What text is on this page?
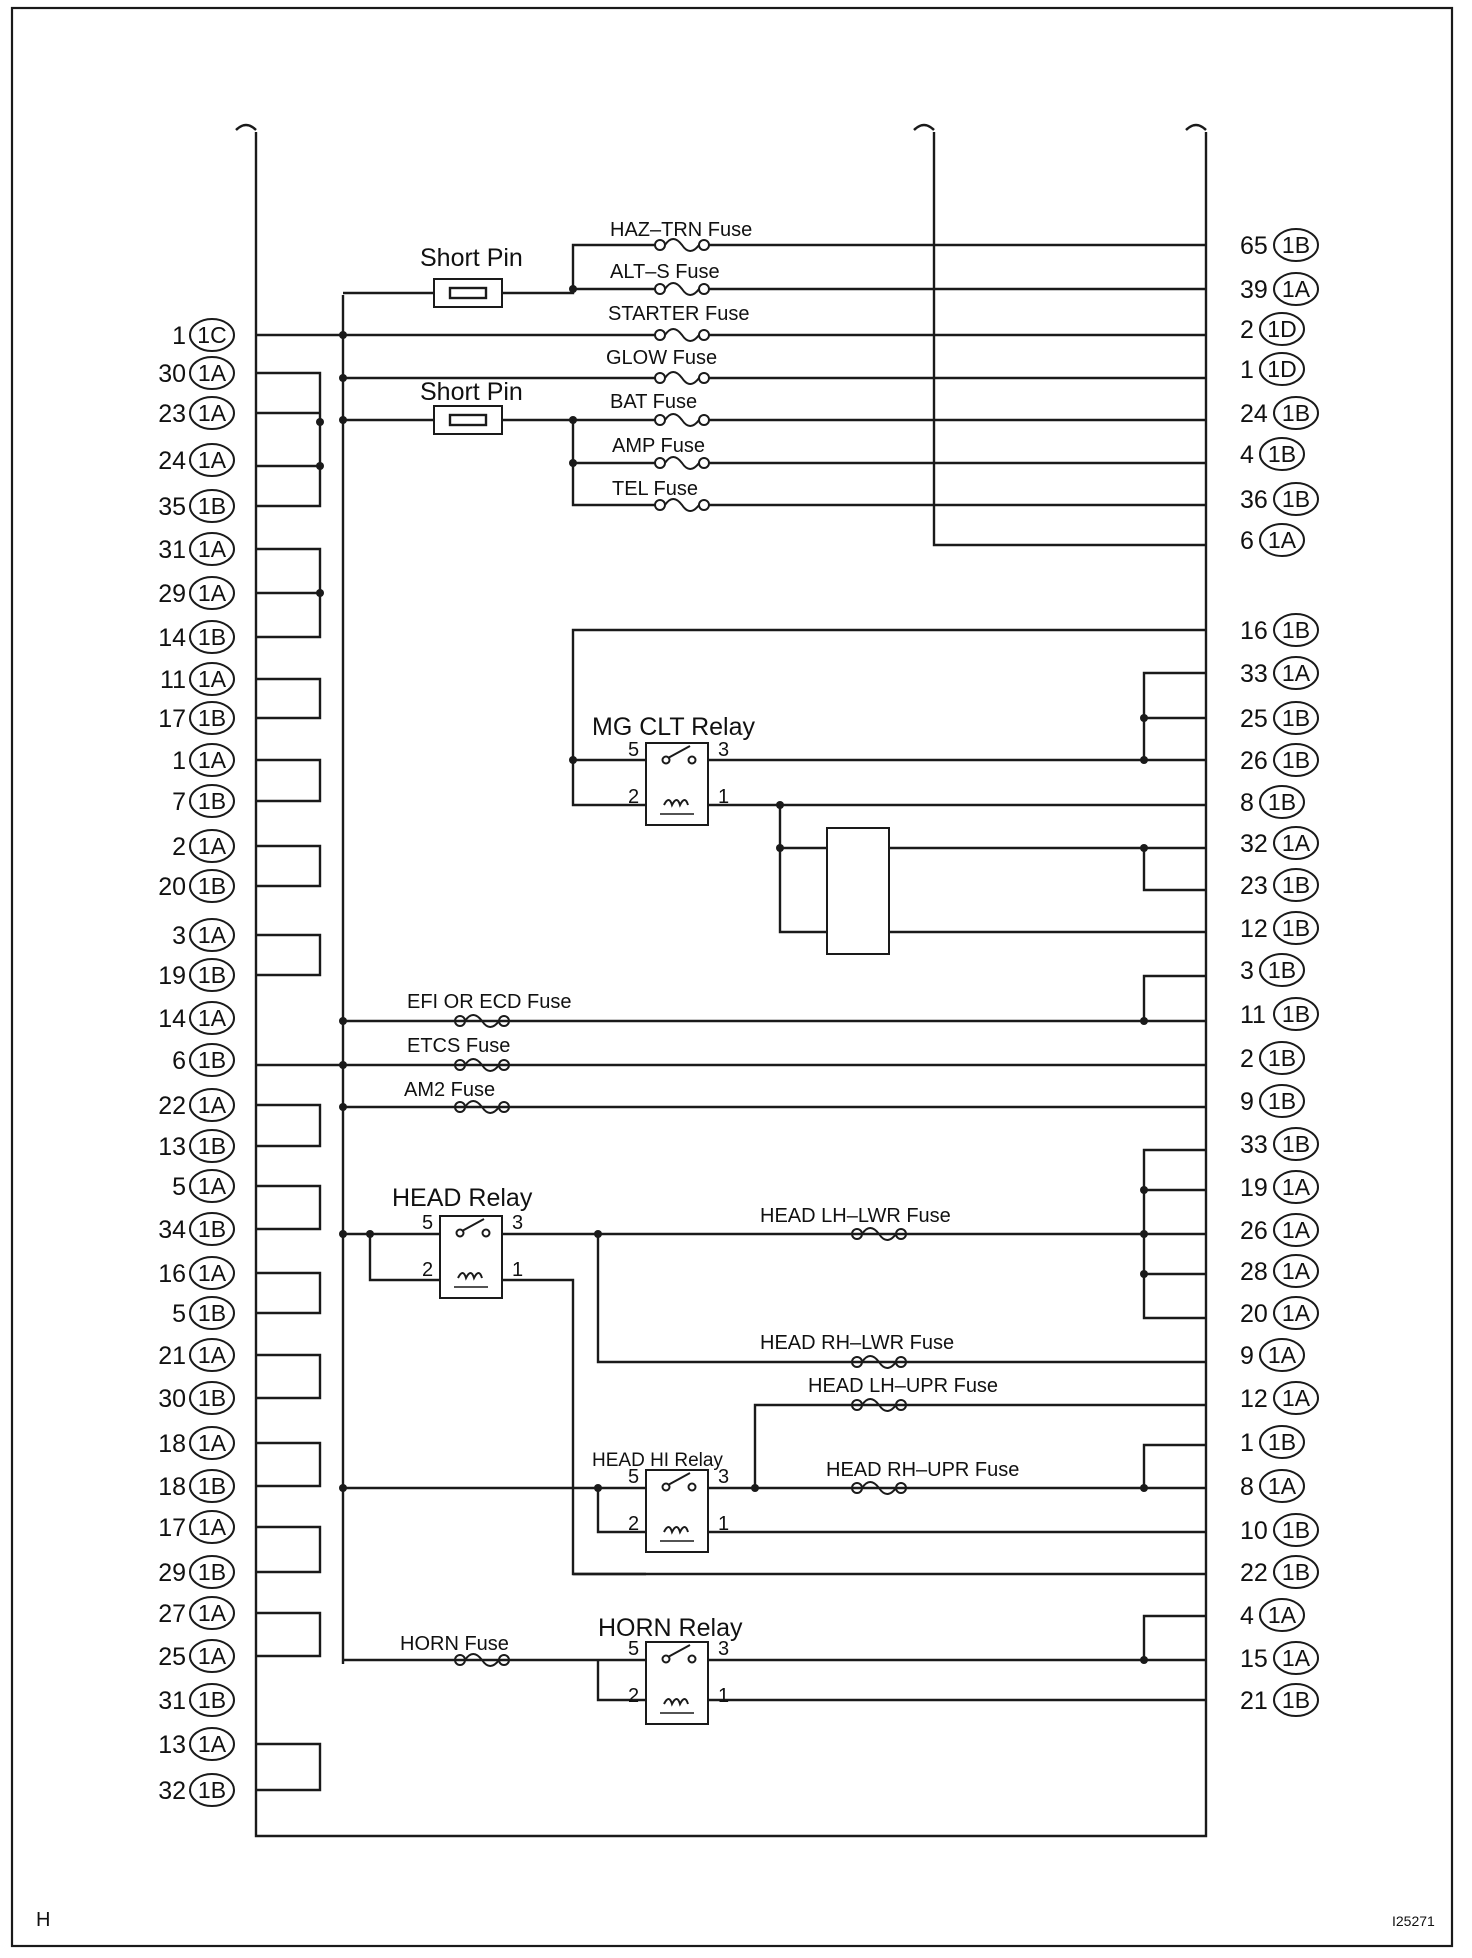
1 1C
30 1A
23 1A
24 1A
35 1B
31 1A
29 1A
14 1B
11 1A
17 1B
1 1A
7 1B
2 1A
20 1B
3 1A
19 1B
14 1A
6 1B
22 1A
13 1B
5 1A
34 1B
16 1A
5 1B
21 1A
30 1B
18 1A
18 1B
17 1A
29 1B
27 1A
25 1A
31 1B
13 1A
32 1B
65 1B
39 1A
2 1D
1 1D
24 1B
4 1B
36 1B
6 1A
16 1B
33 1A
25 1B
26 1B
8 1B
32 1A
23 1B
12 1B
3 1B
11 1B
2 1B
9 1B
33 1B
19 1A
26 1A
28 1A
20 1A
9 1A
12 1A
1 1B
8 1A
10 1B
22 1B
4 1A
15 1A
21 1B
5	3
2	1
5	3
2	1
5	3
2	1
5	3
2	1
Short Pin
Short Pin
HAZ–TRN Fuse
ALT–S Fuse
STARTER Fuse
GLOW Fuse
BAT Fuse
AMP Fuse
TEL Fuse
MG CLT Relay
EFI OR ECD Fuse
ETCS Fuse
AM2 Fuse
HEAD Relay
HEAD LH–LWR Fuse
HEAD RH–LWR Fuse
HEAD LH–UPR Fuse
HEAD HI Relay	HEAD RH–UPR Fuse
HORN Fuse
HORN Relay
H	I25271
